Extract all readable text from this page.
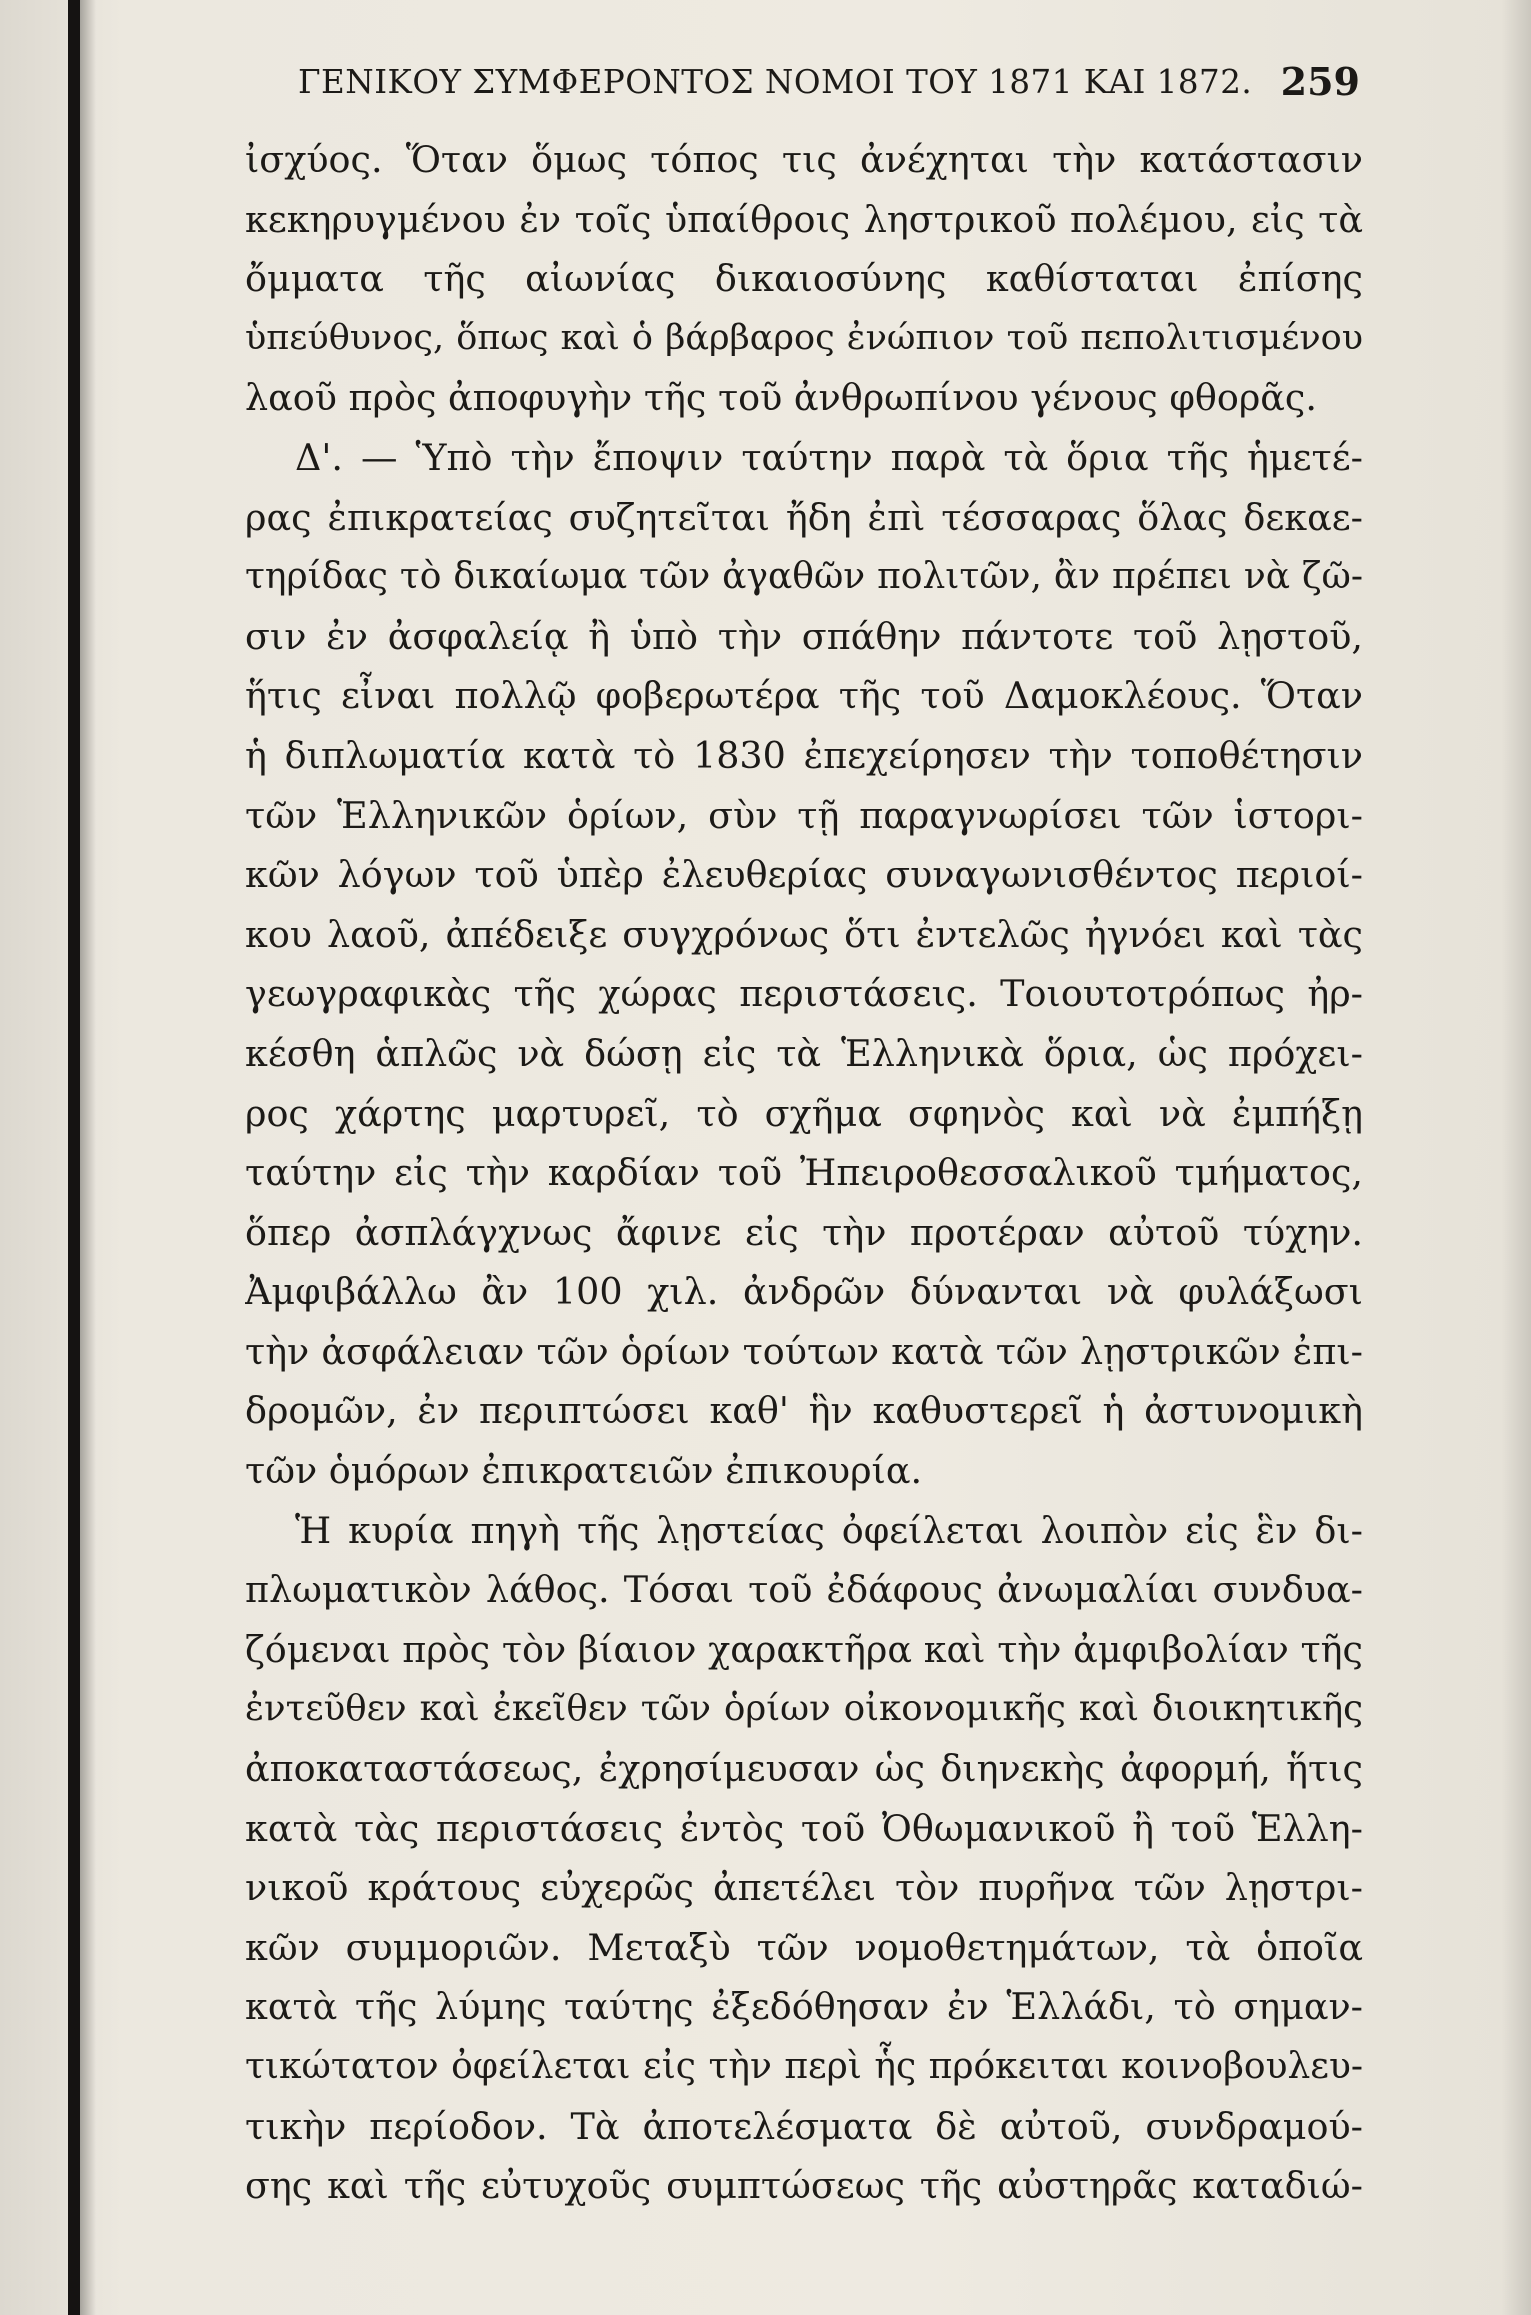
ΓΕΝΙΚΟΥ ΣΥΜΦΕΡΟΝΤΟΣ ΝΟΜΟΙ ΤΟΥ 1871 ΚΑΙ 1872. 259
ἰσχύος. Ὅταν ὅμως τόπος τις ἀνέχηται τὴν κατάστασιν
κεκηρυγμένου ἐν τοῖς ὑπαίθροις ληστρικοῦ πολέμου, εἰς τὰ
ὄμματα τῆς αἰωνίας δικαιοσύνης καθίσταται ἐπίσης
ὑπεύθυνος, ὅπως καὶ ὁ βάρβαρος ἐνώπιον τοῦ πεπολιτισμένου
λαοῦ πρὸς ἀποφυγὴν τῆς τοῦ ἀνθρωπίνου γένους φθορᾶς.
Δ'. — Ὑπὸ τὴν ἔποψιν ταύτην παρὰ τὰ ὅρια τῆς ἡμετέ-
ρας ἐπικρατείας συζητεῖται ἤδη ἐπὶ τέσσαρας ὅλας δεκαε-
τηρίδας τὸ δικαίωμα τῶν ἀγαθῶν πολιτῶν, ἂν πρέπει νὰ ζῶ-
σιν ἐν ἀσφαλείᾳ ἢ ὑπὸ τὴν σπάθην πάντοτε τοῦ λῃστοῦ,
ἥτις εἶναι πολλῷ φοβερωτέρα τῆς τοῦ Δαμοκλέους. Ὅταν
ἡ διπλωματία κατὰ τὸ 1830 ἐπεχείρησεν τὴν τοποθέτησιν
τῶν Ἑλληνικῶν ὁρίων, σὺν τῇ παραγνωρίσει τῶν ἱστορι-
κῶν λόγων τοῦ ὑπὲρ ἐλευθερίας συναγωνισθέντος περιοί-
κου λαοῦ, ἀπέδειξε συγχρόνως ὅτι ἐντελῶς ἠγνόει καὶ τὰς
γεωγραφικὰς τῆς χώρας περιστάσεις. Τοιουτοτρόπως ἠρ-
κέσθη ἁπλῶς νὰ δώσῃ εἰς τὰ Ἑλληνικὰ ὅρια, ὡς πρόχει-
ρος χάρτης μαρτυρεῖ, τὸ σχῆμα σφηνὸς καὶ νὰ ἐμπήξῃ
ταύτην εἰς τὴν καρδίαν τοῦ Ἠπειροθεσσαλικοῦ τμήματος,
ὅπερ ἀσπλάγχνως ἄφινε εἰς τὴν προτέραν αὐτοῦ τύχην.
Ἀμφιβάλλω ἂν 100 χιλ. ἀνδρῶν δύνανται νὰ φυλάξωσι
τὴν ἀσφάλειαν τῶν ὁρίων τούτων κατὰ τῶν λῃστρικῶν ἐπι-
δρομῶν, ἐν περιπτώσει καθ' ἣν καθυστερεῖ ἡ ἀστυνομικὴ
τῶν ὁμόρων ἐπικρατειῶν ἐπικουρία.
Ἡ κυρία πηγὴ τῆς λῃστείας ὀφείλεται λοιπὸν εἰς ἓν δι-
πλωματικὸν λάθος. Τόσαι τοῦ ἐδάφους ἀνωμαλίαι συνδυα-
ζόμεναι πρὸς τὸν βίαιον χαρακτῆρα καὶ τὴν ἀμφιβολίαν τῆς
ἐντεῦθεν καὶ ἐκεῖθεν τῶν ὁρίων οἰκονομικῆς καὶ διοικητικῆς
ἀποκαταστάσεως, ἐχρησίμευσαν ὡς διηνεκὴς ἀφορμή, ἥτις
κατὰ τὰς περιστάσεις ἐντὸς τοῦ Ὀθωμανικοῦ ἢ τοῦ Ἑλλη-
νικοῦ κράτους εὐχερῶς ἀπετέλει τὸν πυρῆνα τῶν λῃστρι-
κῶν συμμοριῶν. Μεταξὺ τῶν νομοθετημάτων, τὰ ὁποῖα
κατὰ τῆς λύμης ταύτης ἐξεδόθησαν ἐν Ἑλλάδι, τὸ σημαν-
τικώτατον ὀφείλεται εἰς τὴν περὶ ἧς πρόκειται κοινοβουλευ-
τικὴν περίοδον. Τὰ ἀποτελέσματα δὲ αὐτοῦ, συνδραμού-
σης καὶ τῆς εὐτυχοῦς συμπτώσεως τῆς αὐστηρᾶς καταδιώ-
